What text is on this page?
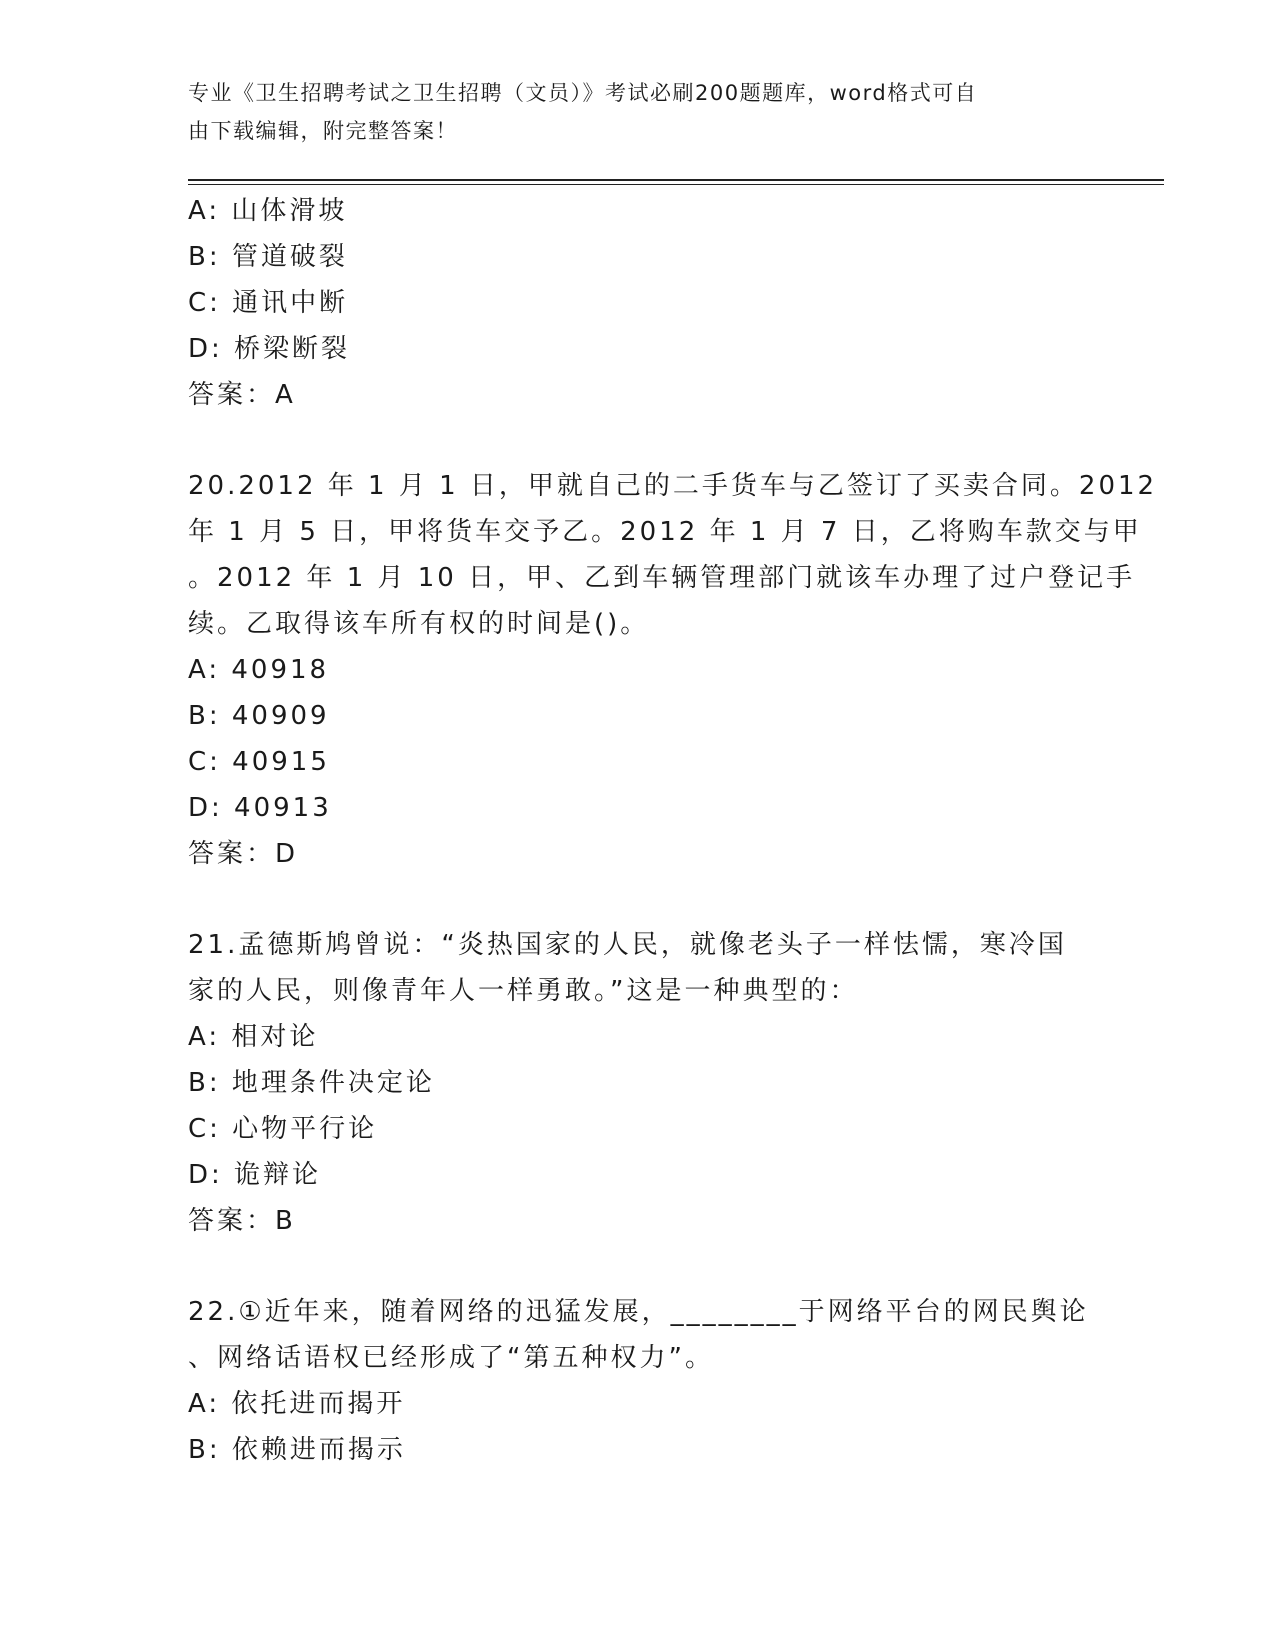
专业《卫生招聘考试之卫生招聘（文员）》考试必刷200题题库，word格式可自
由下载编辑，附完整答案！
A: 山体滑坡
B: 管道破裂
C: 通讯中断
D: 桥梁断裂
答案：A
20.2012 年 1 月 1 日，甲就自己的二手货车与乙签订了买卖合同。2012
年 1 月 5 日，甲将货车交予乙。2012 年 1 月 7 日，乙将购车款交与甲
。2012 年 1 月 10 日，甲、乙到车辆管理部门就该车办理了过户登记手
续。乙取得该车所有权的时间是()。
A: 40918
B: 40909
C: 40915
D: 40913
答案：D
21.孟德斯鸠曾说：“炎热国家的人民，就像老头子一样怯懦，寒冷国
家的人民，则像青年人一样勇敢。”这是一种典型的：
A: 相对论
B: 地理条件决定论
C: 心物平行论
D: 诡辩论
答案：B
22.①近年来，随着网络的迅猛发展，________于网络平台的网民舆论
、网络话语权已经形成了“第五种权力”。
A: 依托进而揭开
B: 依赖进而揭示
